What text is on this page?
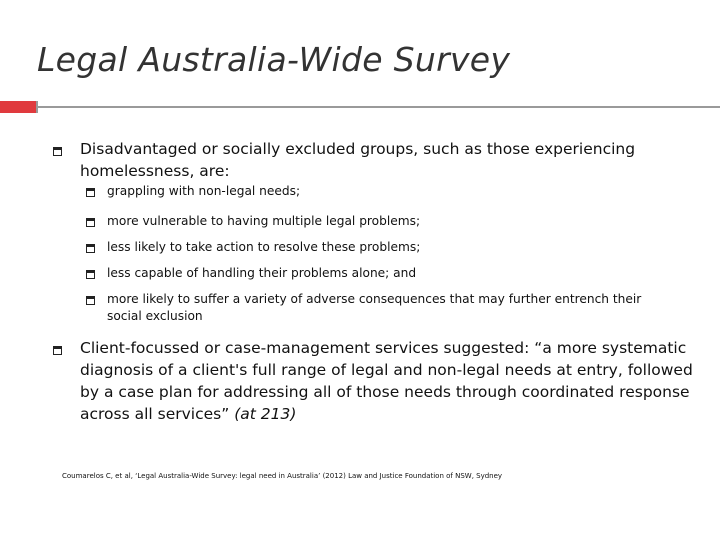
Legal Australia-Wide Survey
Disadvantaged or socially excluded groups, such as those experiencing homelessness, are:
grappling with non-legal needs;
more vulnerable to having multiple legal problems;
less likely to take action to resolve these problems;
less capable of handling their problems alone; and
more likely to suffer a variety of adverse consequences that may further entrench their social exclusion
Client-focussed or case-management services suggested: “a more systematic diagnosis of a client's full range of legal and non-legal needs at entry, followed by a case plan for addressing all of those needs through coordinated response across all services” (at 213)
Coumarelos C, et al, ‘Legal Australia-Wide Survey: legal need in Australia’ (2012) Law and Justice Foundation of NSW, Sydney
